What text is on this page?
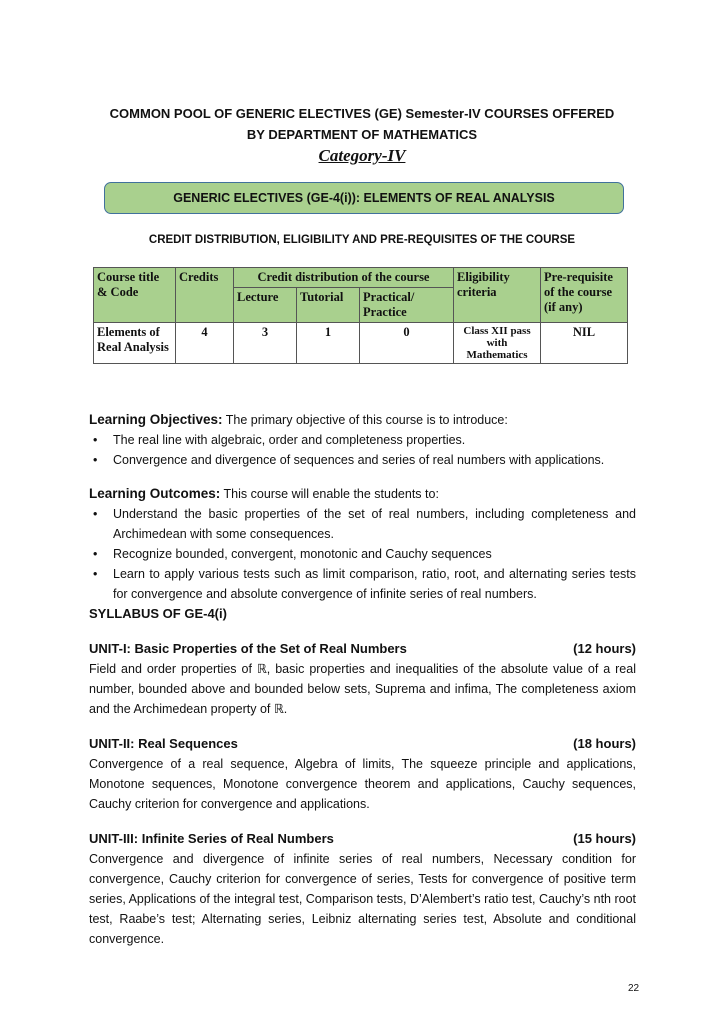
COMMON POOL OF GENERIC ELECTIVES (GE) Semester-IV COURSES OFFERED
BY DEPARTMENT OF MATHEMATICS
Category-IV
GENERIC ELECTIVES (GE-4(i)): ELEMENTS OF REAL ANALYSIS
CREDIT DISTRIBUTION, ELIGIBILITY AND PRE-REQUISITES OF THE COURSE
Course title & Code	Credits	Credit distribution of the course			Eligibility criteria	Pre-requisite of the course (if any)
		Lecture	Tutorial	Practical/ Practice		
Elements of Real Analysis	4	3	1	0	Class XII pass with Mathematics	NIL
Learning Objectives: The primary objective of this course is to introduce:
• The real line with algebraic, order and completeness properties.
• Convergence and divergence of sequences and series of real numbers with applications.
Learning Outcomes: This course will enable the students to:
• Understand the basic properties of the set of real numbers, including completeness and Archimedean with some consequences.
• Recognize bounded, convergent, monotonic and Cauchy sequences
• Learn to apply various tests such as limit comparison, ratio, root, and alternating series tests for convergence and absolute convergence of infinite series of real numbers.
SYLLABUS OF GE-4(i)
UNIT-I: Basic Properties of the Set of Real Numbers	(12 hours)
Field and order properties of ℝ, basic properties and inequalities of the absolute value of a real number, bounded above and bounded below sets, Suprema and infima, The completeness axiom and the Archimedean property of ℝ.
UNIT-II: Real Sequences	(18 hours)
Convergence of a real sequence, Algebra of limits, The squeeze principle and applications, Monotone sequences, Monotone convergence theorem and applications, Cauchy sequences, Cauchy criterion for convergence and applications.
UNIT-III: Infinite Series of Real Numbers	(15 hours)
Convergence and divergence of infinite series of real numbers, Necessary condition for convergence, Cauchy criterion for convergence of series, Tests for convergence of positive term series, Applications of the integral test, Comparison tests, D’Alembert’s ratio test, Cauchy’s nth root test, Raabe’s test; Alternating series, Leibniz alternating series test, Absolute and conditional convergence.
22
